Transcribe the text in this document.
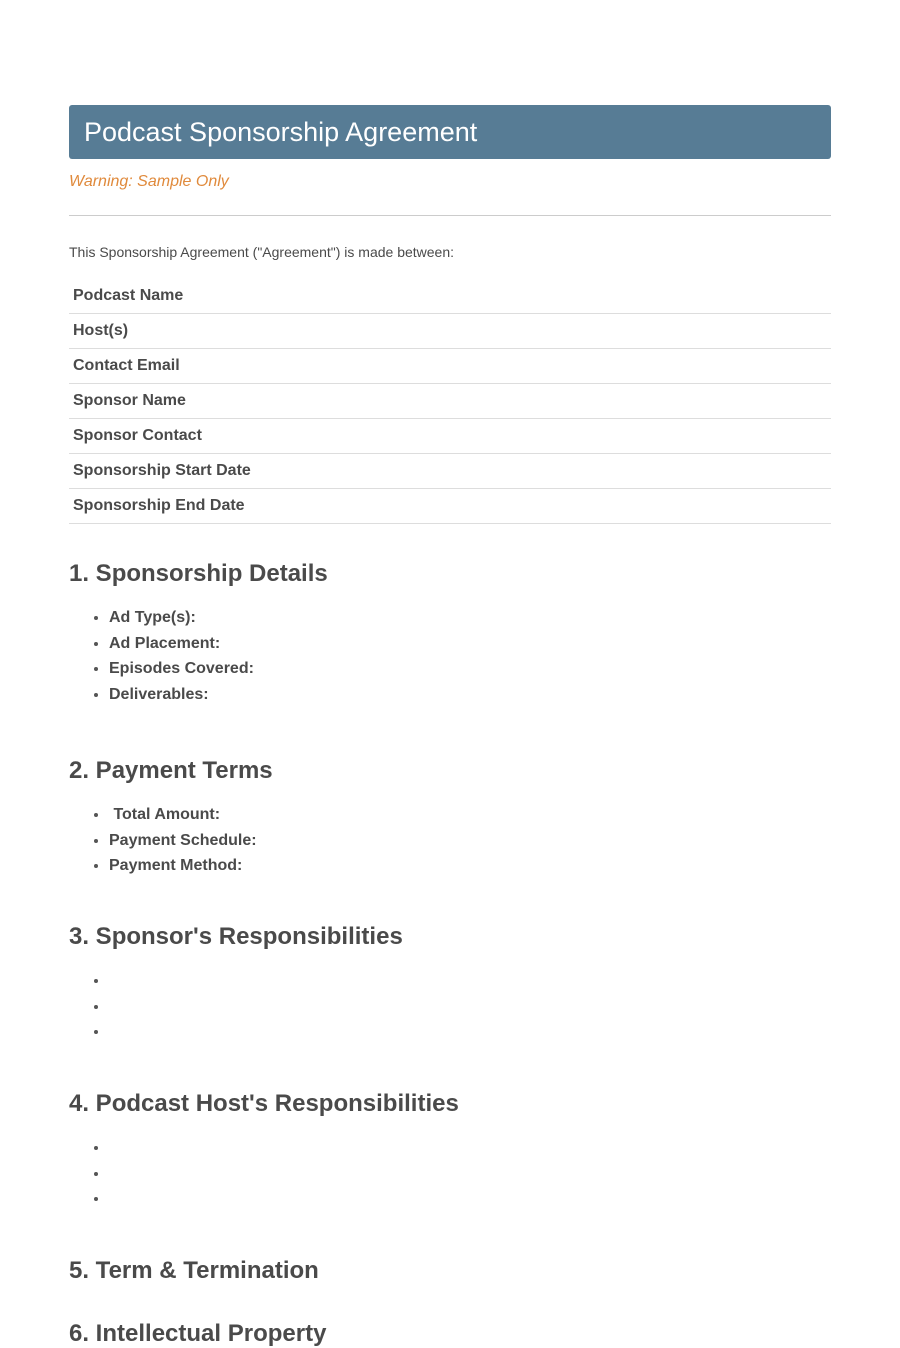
Podcast Sponsorship Agreement
Warning: Sample Only
This Sponsorship Agreement ("Agreement") is made between:
Podcast Name
Host(s)
Contact Email
Sponsor Name
Sponsor Contact
Sponsorship Start Date
Sponsorship End Date
1. Sponsorship Details
• Ad Type(s):
• Ad Placement:
• Episodes Covered:
• Deliverables:
2. Payment Terms
•  Total Amount:
• Payment Schedule:
• Payment Method:
3. Sponsor's Responsibilities
•
•
•
4. Podcast Host's Responsibilities
•
•
•
5. Term & Termination
6. Intellectual Property
